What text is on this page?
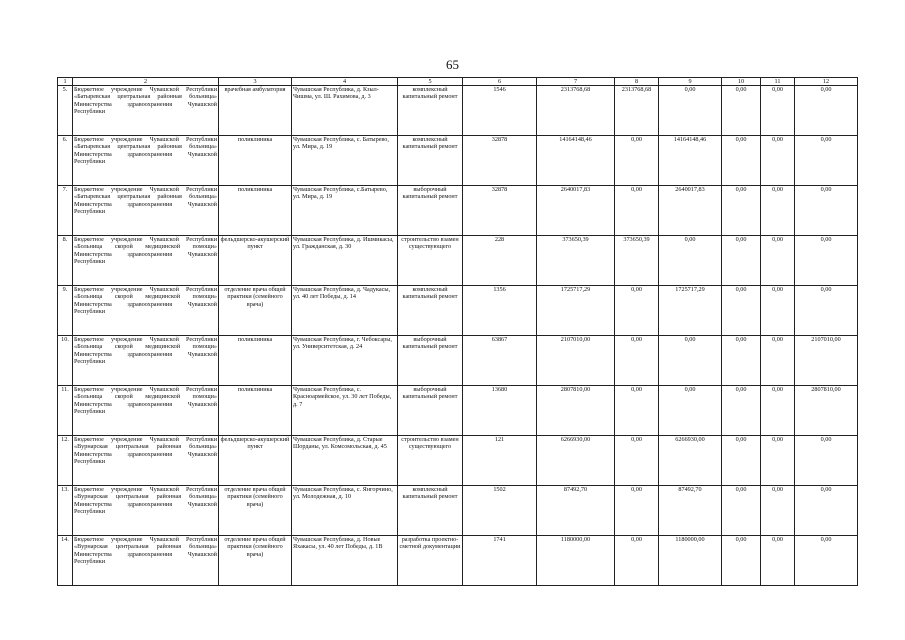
65
1	2	3	4	5	6	7	8	9	10	11	12
5.	Бюджетное учреждение Чувашской Республики «Батыревская центральная районная больница» Министерства здравоохранения Чувашской Республики	врачебная амбулатория	Чувашская Республика, д. Кзыл-Чишма, ул. Ш. Рахимова, д. 3	комплексный капитальный ремонт	1546	2313768,68	2313768,68	0,00	0,00	0,00	0,00
6.	Бюджетное учреждение Чувашской Республики «Батыревская центральная районная больница» Министерства здравоохранения Чувашской Республики	поликлиника	Чувашская Республика, с. Батырево, ул. Мира, д. 19	комплексный капитальный ремонт	32878	14164148,46	0,00	14164148,46	0,00	0,00	0,00
7.	Бюджетное учреждение Чувашской Республики «Батыревская центральная районная больница» Министерства здравоохранения Чувашской Республики	поликлиника	Чувашская Республика, с.Батырево, ул. Мира, д. 19	выборочный капитальный ремонт	32878	2640017,83	0,00	2640017,83	0,00	0,00	0,00
8.	Бюджетное учреждение Чувашской Республики «Больница скорой медицинской помощи» Министерства здравоохранения Чувашской Республики	фельдшерско-акушерский пункт	Чувашская Республика, д. Ишмикасы, ул. Гражданская, д. 30	строительство взамен существующего	228	373650,39	373650,39	0,00	0,00	0,00	0,00
9.	Бюджетное учреждение Чувашской Республики «Больница скорой медицинской помощи» Министерства здравоохранения Чувашской Республики	отделение врача общей практики (семейного врача)	Чувашская Республика, д. Чадукасы, ул. 40 лет Победы, д. 14	комплексный капитальный ремонт	1356	1725717,29	0,00	1725717,29	0,00	0,00	0,00
10.	Бюджетное учреждение Чувашской Республики «Больница скорой медицинской помощи» Министерства здравоохранения Чувашской Республики	поликлиника	Чувашская Республика, г. Чебоксары, ул. Университетская, д. 24	выборочный капитальный ремонт	63867	2107010,00	0,00	0,00	0,00	0,00	2107010,00
11.	Бюджетное учреждение Чувашской Республики «Больница скорой медицинской помощи» Министерства здравоохранения Чувашской Республики	поликлиника	Чувашская Республика, с. Красноармейское, ул. 30 лет Победы, д. 7	выборочный капитальный ремонт	13680	2807810,00	0,00	0,00	0,00	0,00	2807810,00
12.	Бюджетное учреждение Чувашской Республики «Вурнарская центральная районная больница» Министерства здравоохранения Чувашской Республики	фельдшерско-акушерский пункт	Чувашская Республика, д. Старые Шорданы, ул. Комсомольская, д. 45	строительство взамен существующего	121	6266930,00	0,00	6266930,00	0,00	0,00	0,00
13.	Бюджетное учреждение Чувашской Республики «Вурнарская центральная районная больница» Министерства здравоохранения Чувашской Республики	отделение врача общей практики (семейного врача)	Чувашская Республика, с. Янгорчино, ул. Молодежная, д. 10	комплексный капитальный ремонт	1502	87492,70	0,00	87492,70	0,00	0,00	0,00
14.	Бюджетное учреждение Чувашской Республики «Вурнарская центральная районная больница» Министерства здравоохранения Чувашской Республики	отделение врача общей практики (семейного врача)	Чувашская Республика, д. Новые Яхакасы, ул. 40 лет Победы, д. 1В	разработка проектно-сметной документации	1741	1180000,00	0,00	1180000,00	0,00	0,00	0,00
